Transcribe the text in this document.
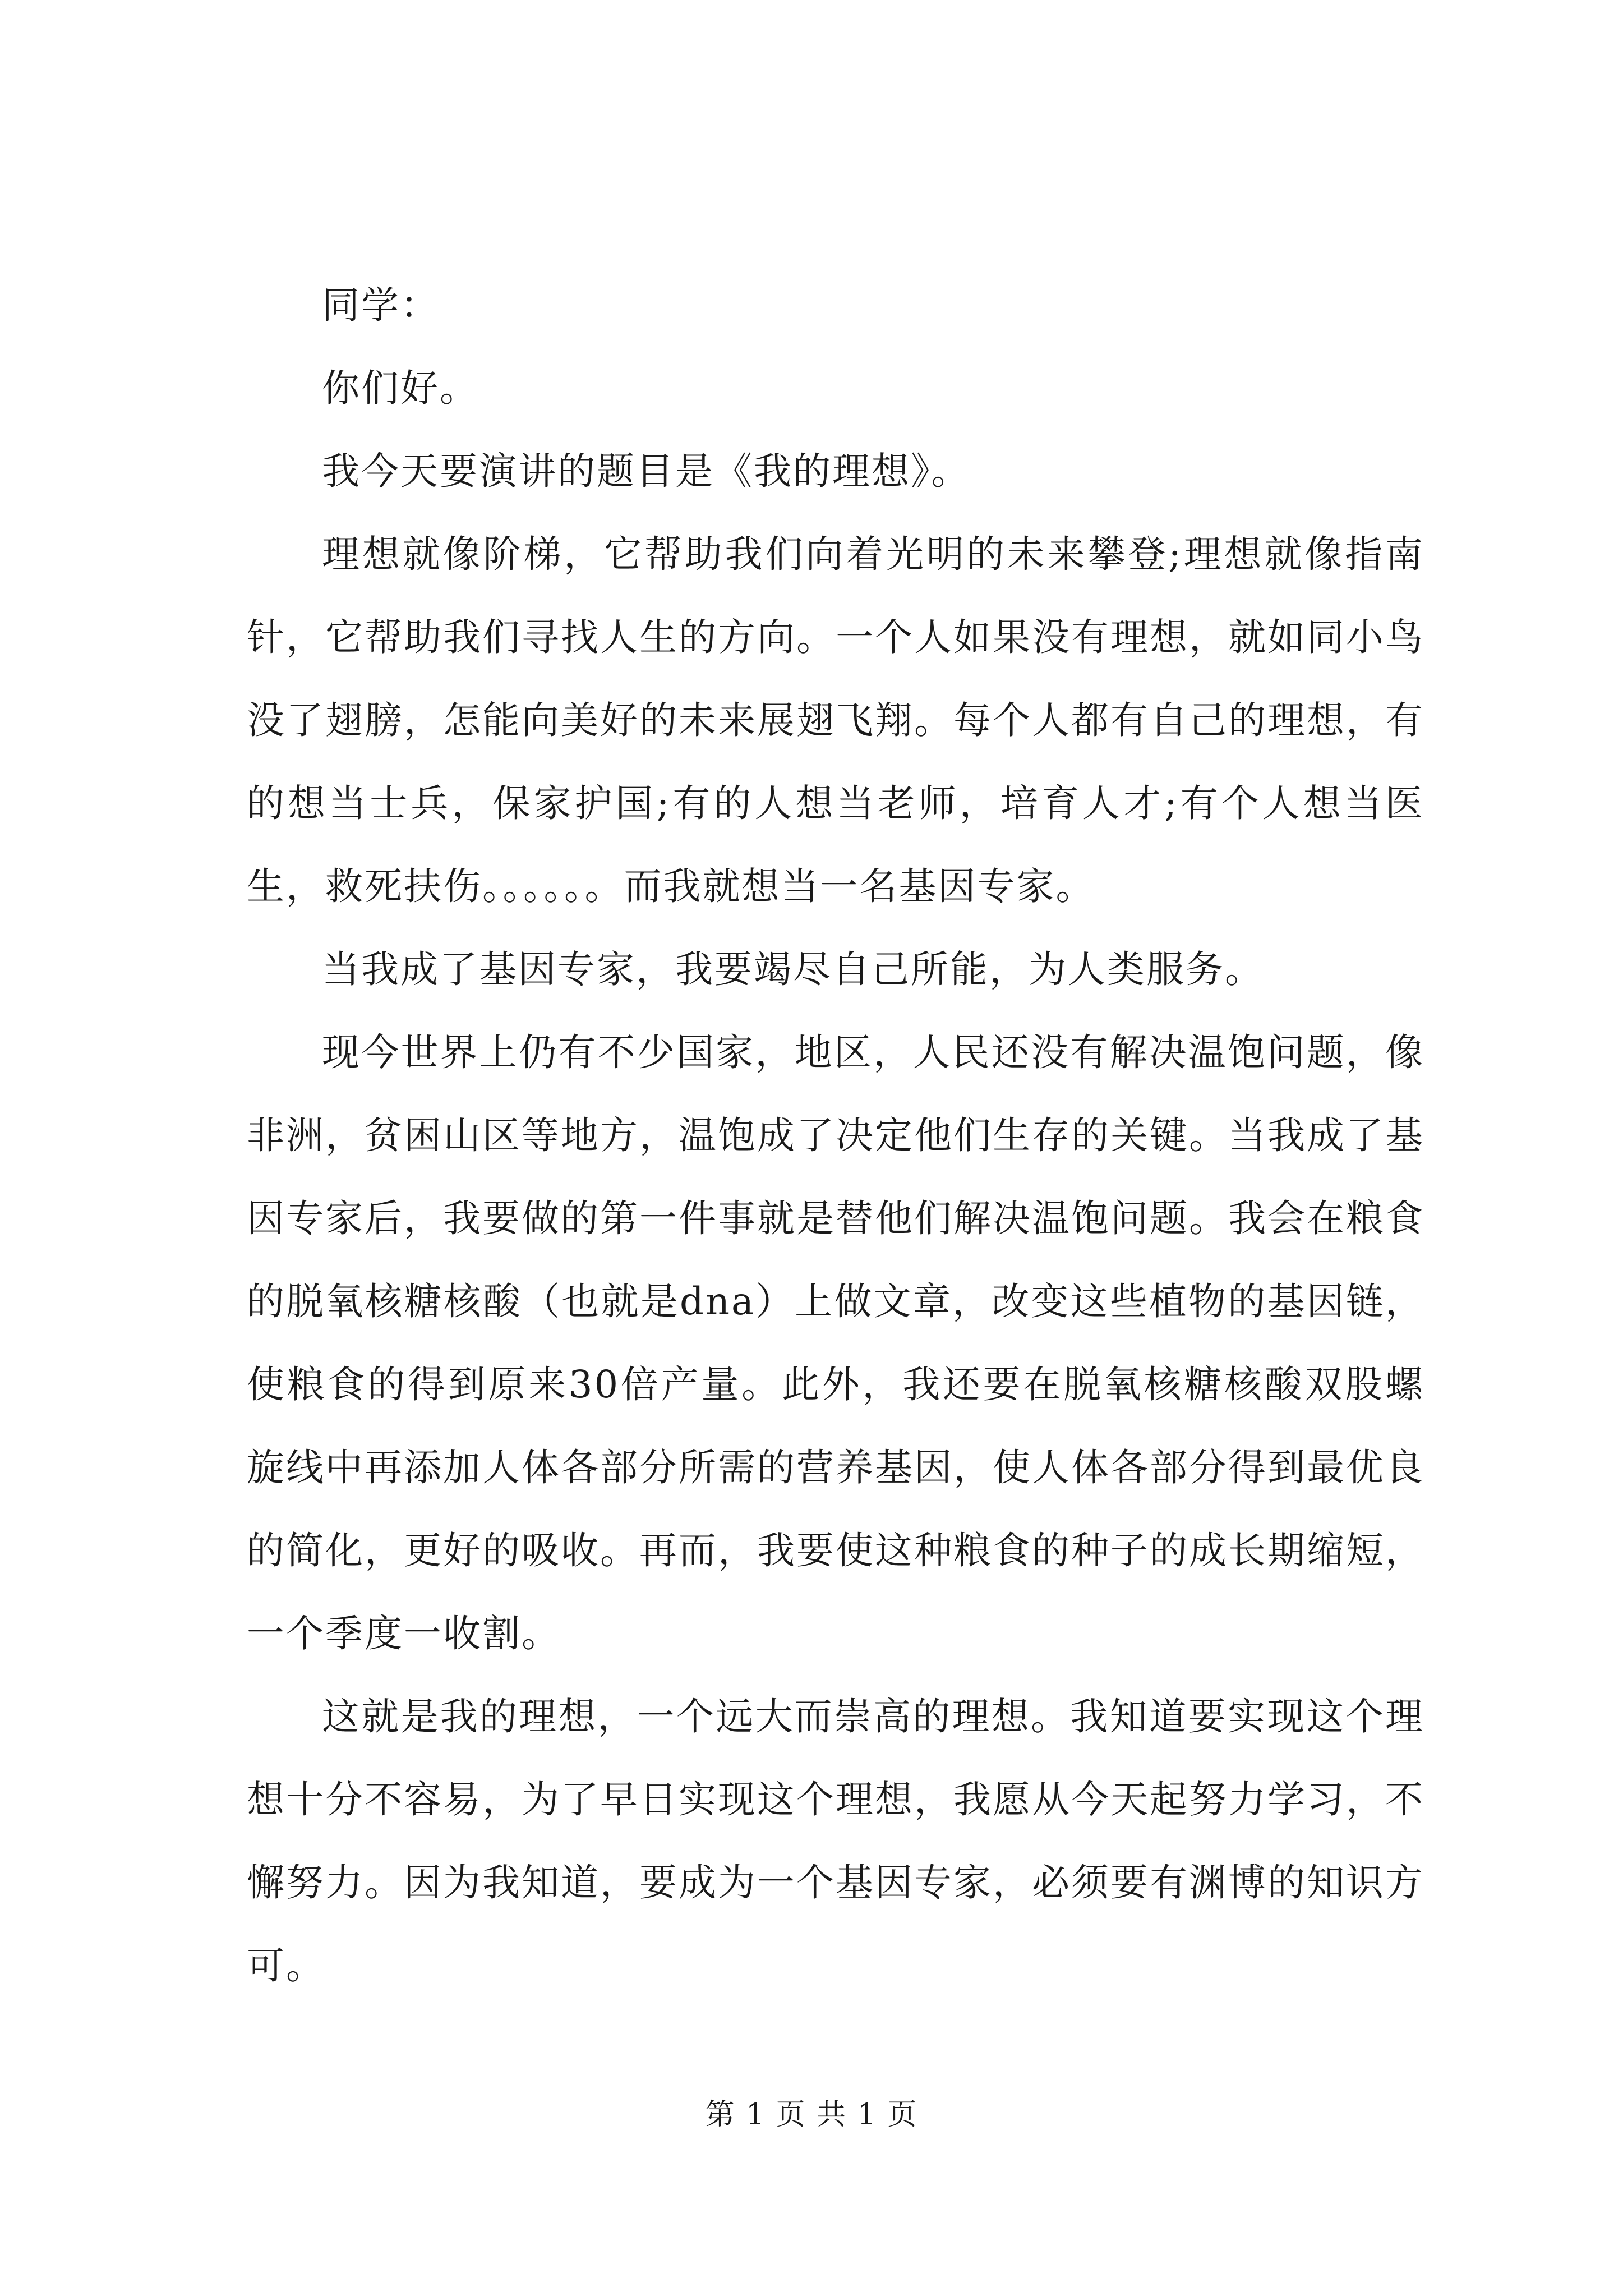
同学：

你们好。

我今天要演讲的题目是《我的理想》。

理想就像阶梯，它帮助我们向着光明的未来攀登;理想就像指南针，它帮助我们寻找人生的方向。一个人如果没有理想，就如同小鸟没了翅膀，怎能向美好的未来展翅飞翔。每个人都有自己的理想，有的想当士兵，保家护国;有的人想当老师，培育人才;有个人想当医生，救死扶伤。。。。。。而我就想当一名基因专家。

当我成了基因专家，我要竭尽自己所能，为人类服务。

现今世界上仍有不少国家，地区，人民还没有解决温饱问题，像非洲，贫困山区等地方，温饱成了决定他们生存的关键。当我成了基因专家后，我要做的第一件事就是替他们解决温饱问题。我会在粮食的脱氧核糖核酸（也就是dna）上做文章，改变这些植物的基因链，使粮食的得到原来30倍产量。此外，我还要在脱氧核糖核酸双股螺旋线中再添加人体各部分所需的营养基因，使人体各部分得到最优良的简化，更好的吸收。再而，我要使这种粮食的种子的成长期缩短，一个季度一收割。

这就是我的理想，一个远大而崇高的理想。我知道要实现这个理想十分不容易，为了早日实现这个理想，我愿从今天起努力学习，不懈努力。因为我知道，要成为一个基因专家，必须要有渊博的知识方可。

第 1 页 共 1 页
